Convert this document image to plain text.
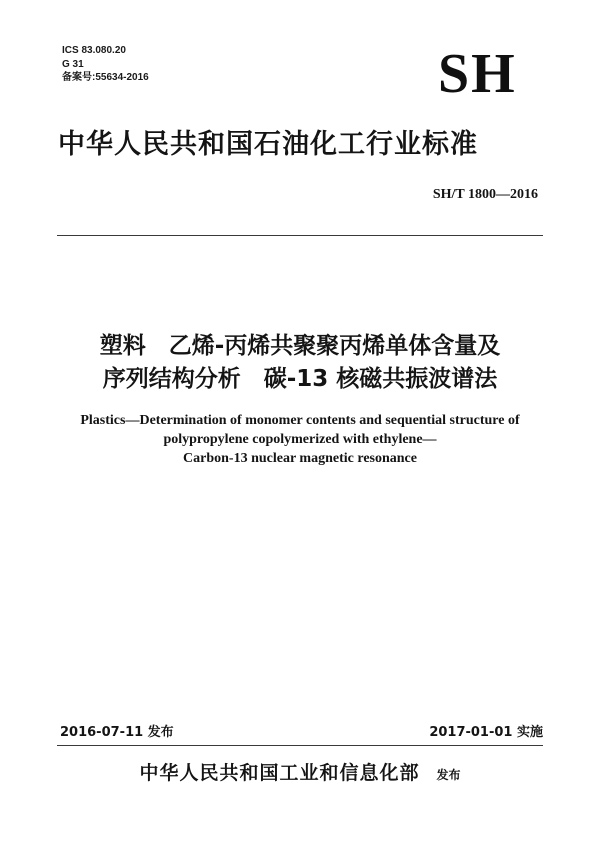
ICS 83.080.20
G 31
备案号:55634-2016	SH
中华人民共和国石油化工行业标准
SH/T 1800—2016
塑料　乙烯-丙烯共聚聚丙烯单体含量及
序列结构分析　碳-13 核磁共振波谱法
Plastics—Determination of monomer contents and sequential structure of
polypropylene copolymerized with ethylene—
Carbon-13 nuclear magnetic resonance
2016-07-11 发布	2017-01-01 实施
中华人民共和国工业和信息化部 发布
